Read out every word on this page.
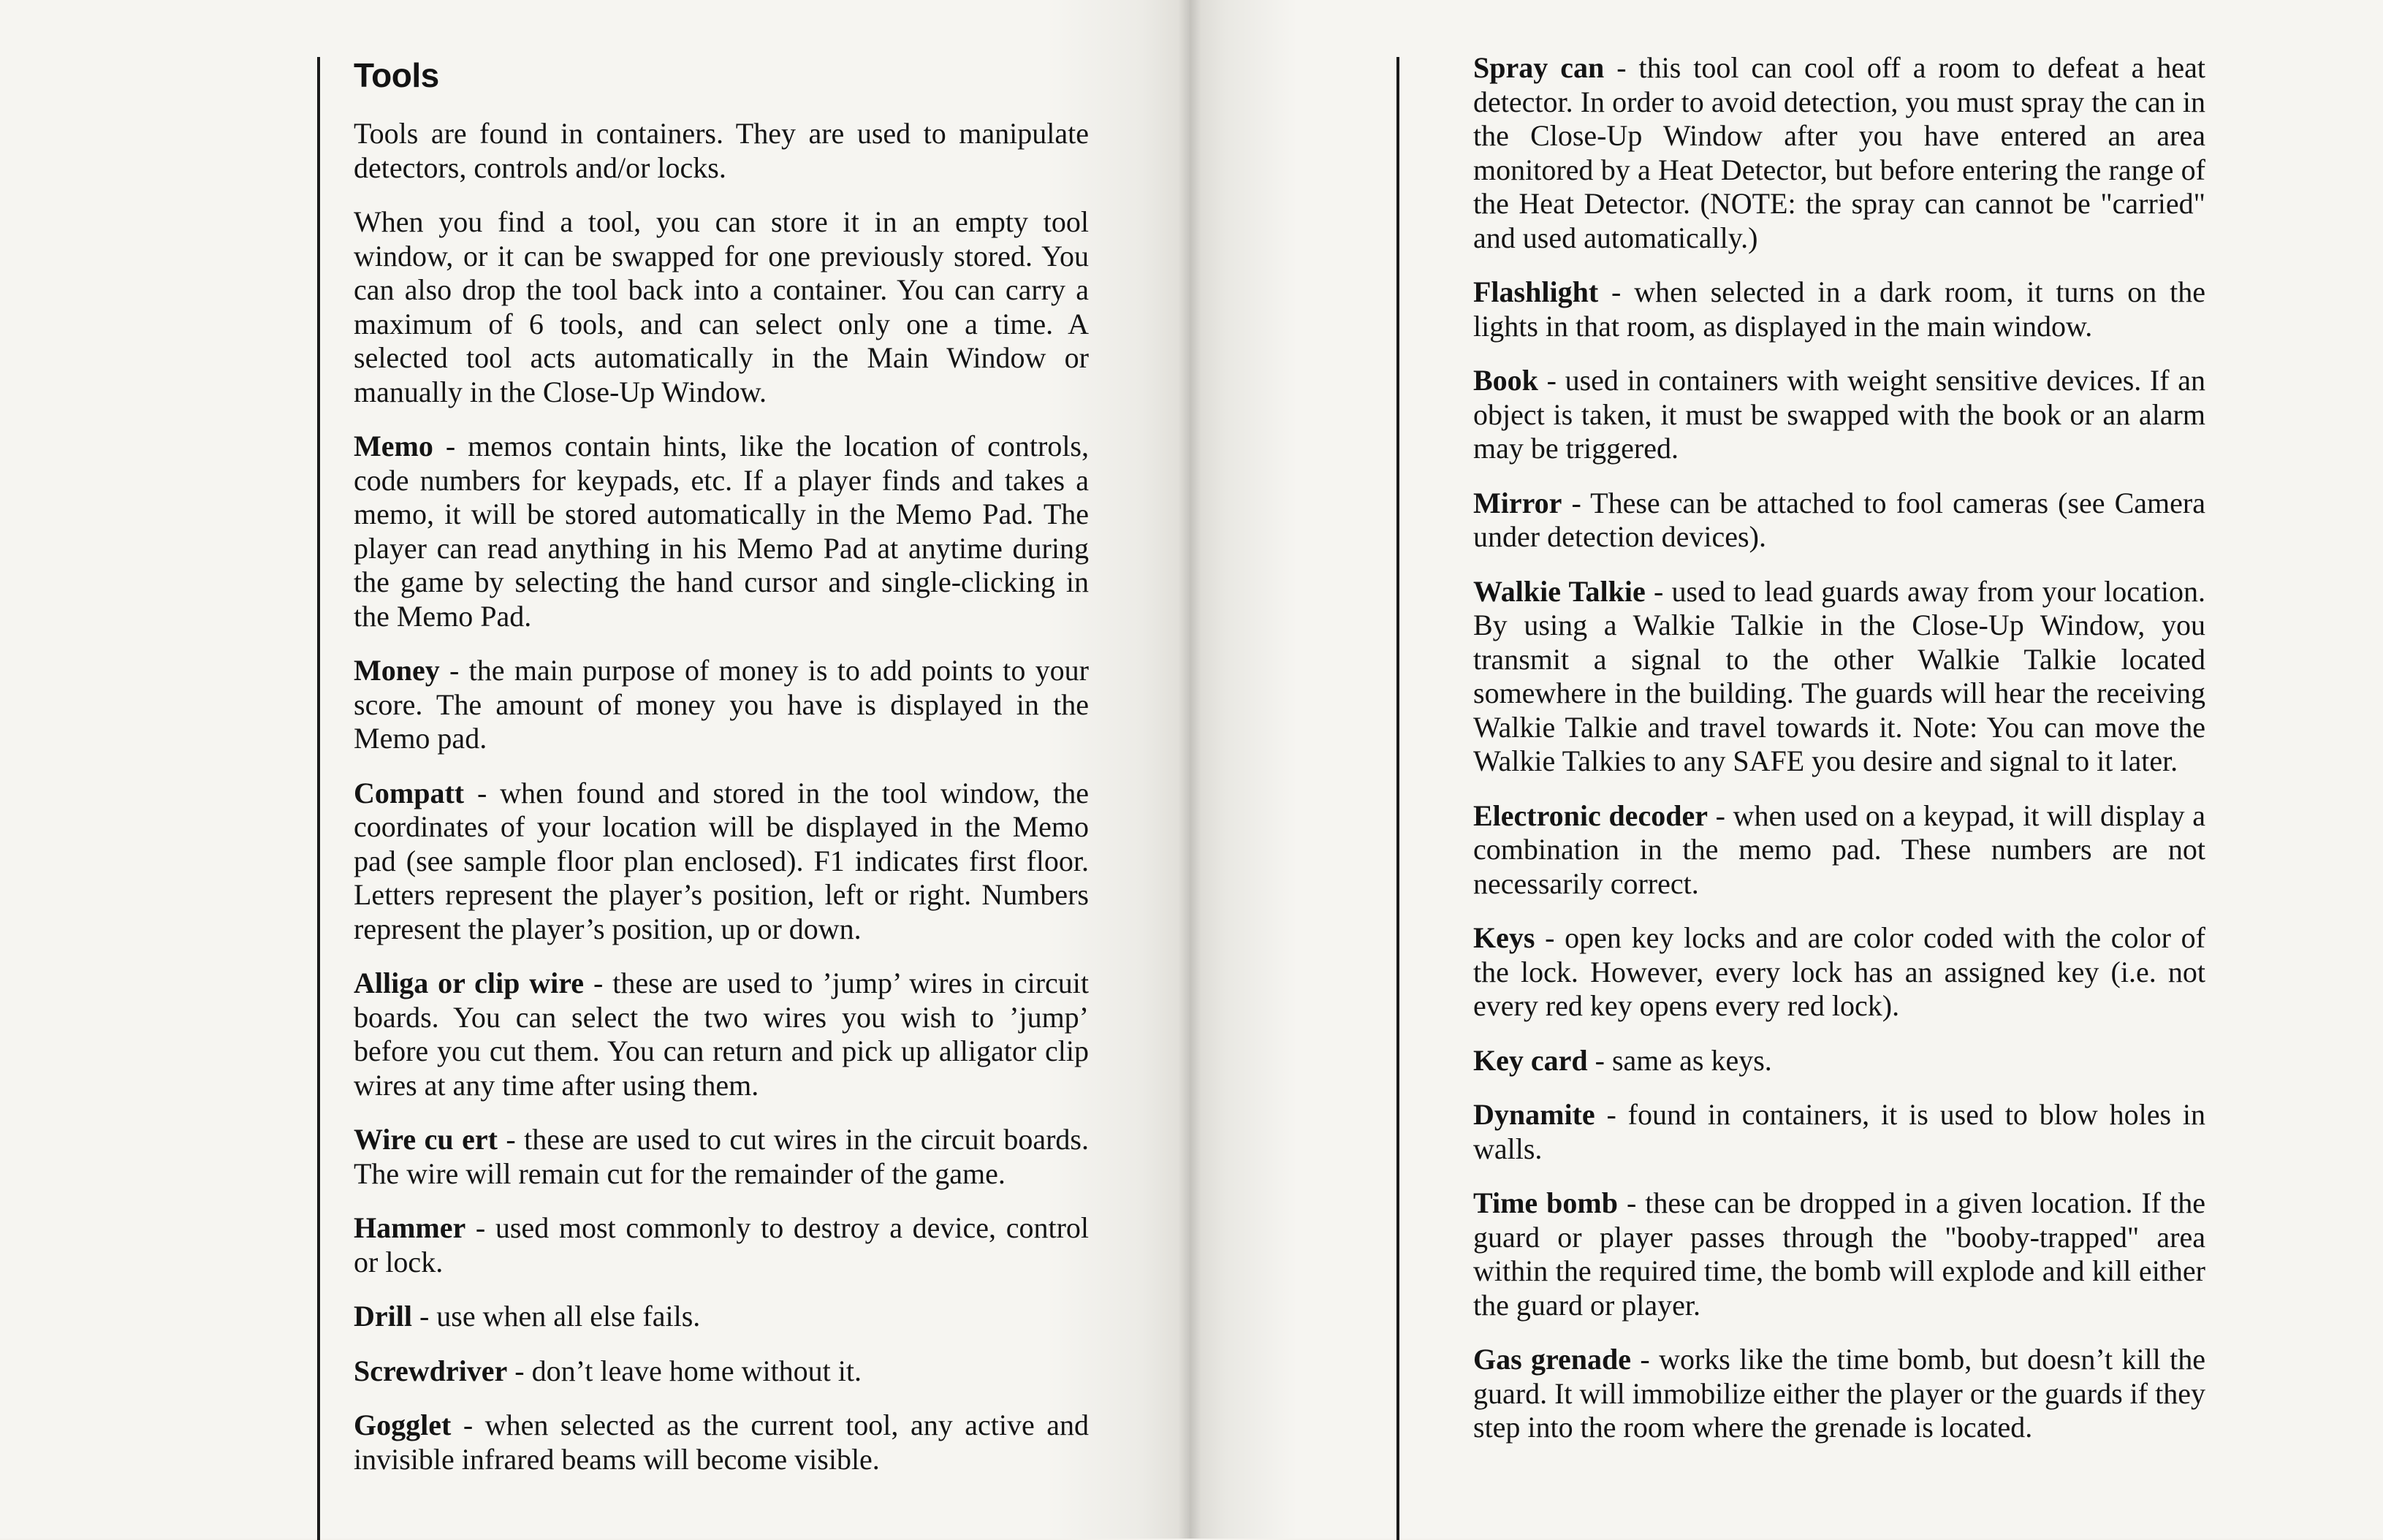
Tools

Tools are found in containers. They are used to manipulate detectors, controls and/or locks.

When you find a tool, you can store it in an empty tool window, or it can be swapped for one previously stored. You can also drop the tool back into a container. You can carry a maximum of 6 tools, and can select only one a time. A selected tool acts automatically in the Main Window or manually in the Close-Up Window.

Memo - memos contain hints, like the location of controls, code numbers for keypads, etc. If a player finds and takes a memo, it will be stored automatically in the Memo Pad. The player can read anything in his Memo Pad at anytime during the game by selecting the hand cursor and single-clicking in the Memo Pad.

Money - the main purpose of money is to add points to your score. The amount of money you have is displayed in the Memo pad.

Compatt - when found and stored in the tool window, the coordinates of your location will be displayed in the Memo pad (see sample floor plan enclosed). F1 indicates first floor. Letters represent the player’s position, left or right. Numbers represent the player’s position, up or down.

Alliga or clip wire - these are used to ’jump’ wires in circuit boards. You can select the two wires you wish to ’jump’ before you cut them. You can return and pick up alligator clip wires at any time after using them.

Wire cu ert - these are used to cut wires in the circuit boards. The wire will remain cut for the remainder of the game.

Hammer - used most commonly to destroy a device, control or lock.

Drill - use when all else fails.

Screwdriver - don’t leave home without it.

Gogglet - when selected as the current tool, any active and invisible infrared beams will become visible.

Spray can - this tool can cool off a room to defeat a heat detector. In order to avoid detection, you must spray the can in the Close-Up Window after you have entered an area monitored by a Heat Detector, but before entering the range of the Heat Detector. (NOTE: the spray can cannot be "carried" and used automatically.)

Flashlight - when selected in a dark room, it turns on the lights in that room, as displayed in the main window.

Book - used in containers with weight sensitive devices. If an object is taken, it must be swapped with the book or an alarm may be triggered.

Mirror - These can be attached to fool cameras (see Camera under detection devices).

Walkie Talkie - used to lead guards away from your location. By using a Walkie Talkie in the Close-Up Window, you transmit a signal to the other Walkie Talkie located somewhere in the building. The guards will hear the receiving Walkie Talkie and travel towards it. Note: You can move the Walkie Talkies to any SAFE you desire and signal to it later.

Electronic decoder - when used on a keypad, it will display a combination in the memo pad. These numbers are not necessarily correct.

Keys - open key locks and are color coded with the color of the lock. However, every lock has an assigned key (i.e. not every red key opens every red lock).

Key card - same as keys.

Dynamite - found in containers, it is used to blow holes in walls.

Time bomb - these can be dropped in a given location. If the guard or player passes through the "booby-trapped" area within the required time, the bomb will explode and kill either the guard or player.

Gas grenade - works like the time bomb, but doesn’t kill the guard. It will immobilize either the player or the guards if they step into the room where the grenade is located.
